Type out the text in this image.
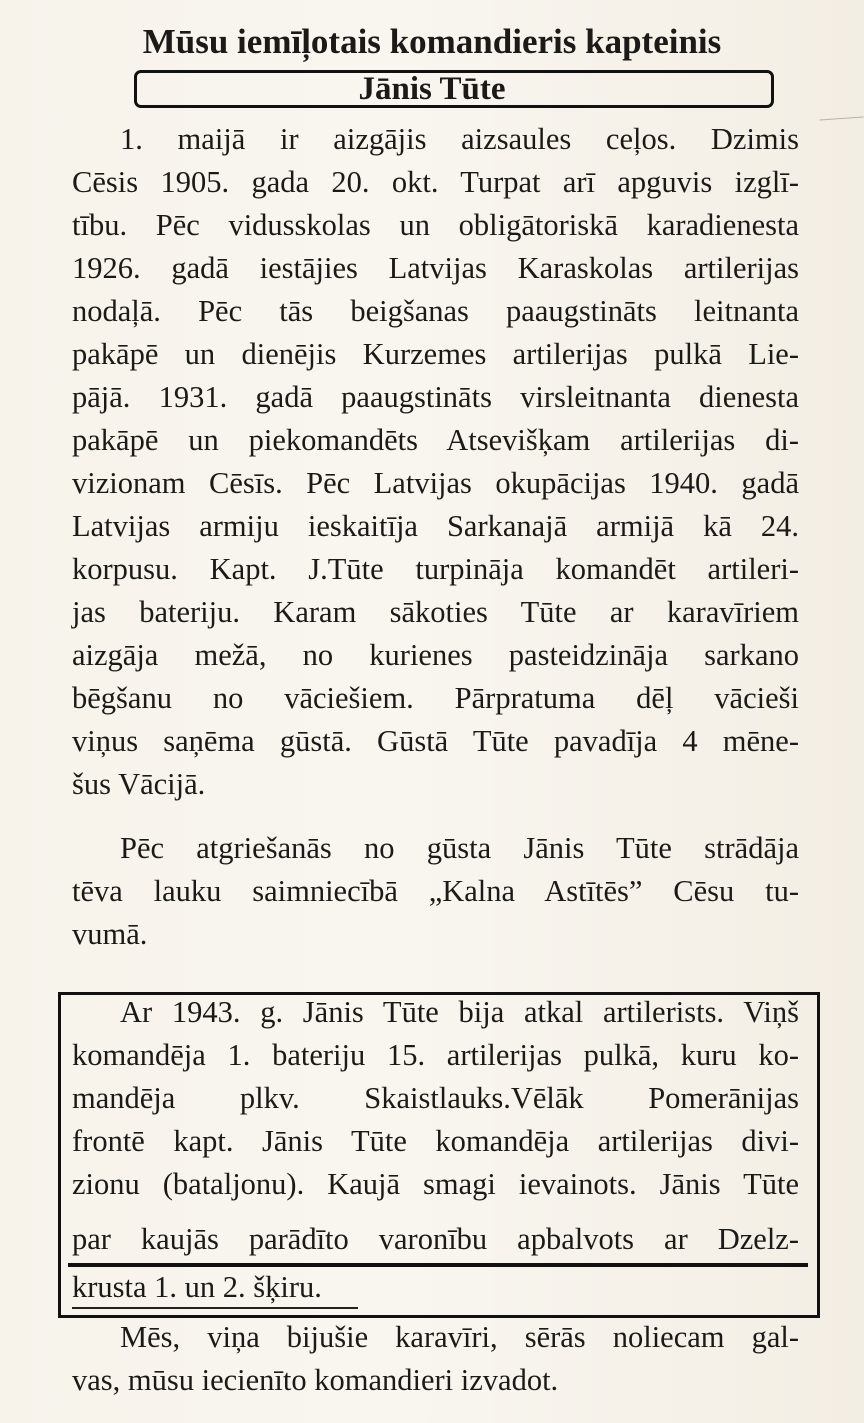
Mūsu iemīļotais komandieris kapteinis
Jānis Tūte
1. maijā ir aizgājis aizsaules ceļos. Dzimis
Cēsis 1905. gada 20. okt. Turpat arī apguvis izglī-
tību. Pēc vidusskolas un obligātoriskā karadienesta
1926. gadā iestājies Latvijas Karaskolas artilerijas
nodaļā. Pēc tās beigšanas paaugstināts leitnanta
pakāpē un dienējis Kurzemes artilerijas pulkā Lie-
pājā. 1931. gadā paaugstināts virsleitnanta dienesta
pakāpē un piekomandēts Atsevišķam artilerijas di-
vizionam Cēsīs. Pēc Latvijas okupācijas 1940. gadā
Latvijas armiju ieskaitīja Sarkanajā armijā kā 24.
korpusu. Kapt. J.Tūte turpināja komandēt artileri-
jas bateriju. Karam sākoties Tūte ar karavīriem
aizgāja mežā, no kurienes pasteidzināja sarkano
bēgšanu no vāciešiem. Pārpratuma dēļ vācieši
viņus saņēma gūstā. Gūstā Tūte pavadīja 4 mēne-
šus Vācijā.
Pēc atgriešanās no gūsta Jānis Tūte strādāja
tēva lauku saimniecībā „Kalna Astītēs” Cēsu tu-
vumā.
Ar 1943. g. Jānis Tūte bija atkal artilerists. Viņš
komandēja 1. bateriju 15. artilerijas pulkā, kuru ko-
mandēja plkv. Skaistlauks.Vēlāk Pomerānijas
frontē kapt. Jānis Tūte komandēja artilerijas divi-
zionu (bataljonu). Kaujā smagi ievainots. Jānis Tūte
par kaujās parādīto varonību apbalvots ar Dzelz-
krusta 1. un 2. šķiru.
Mēs, viņa bijušie karavīri, sērās noliecam gal-
vas, mūsu iecienīto komandieri izvadot.
